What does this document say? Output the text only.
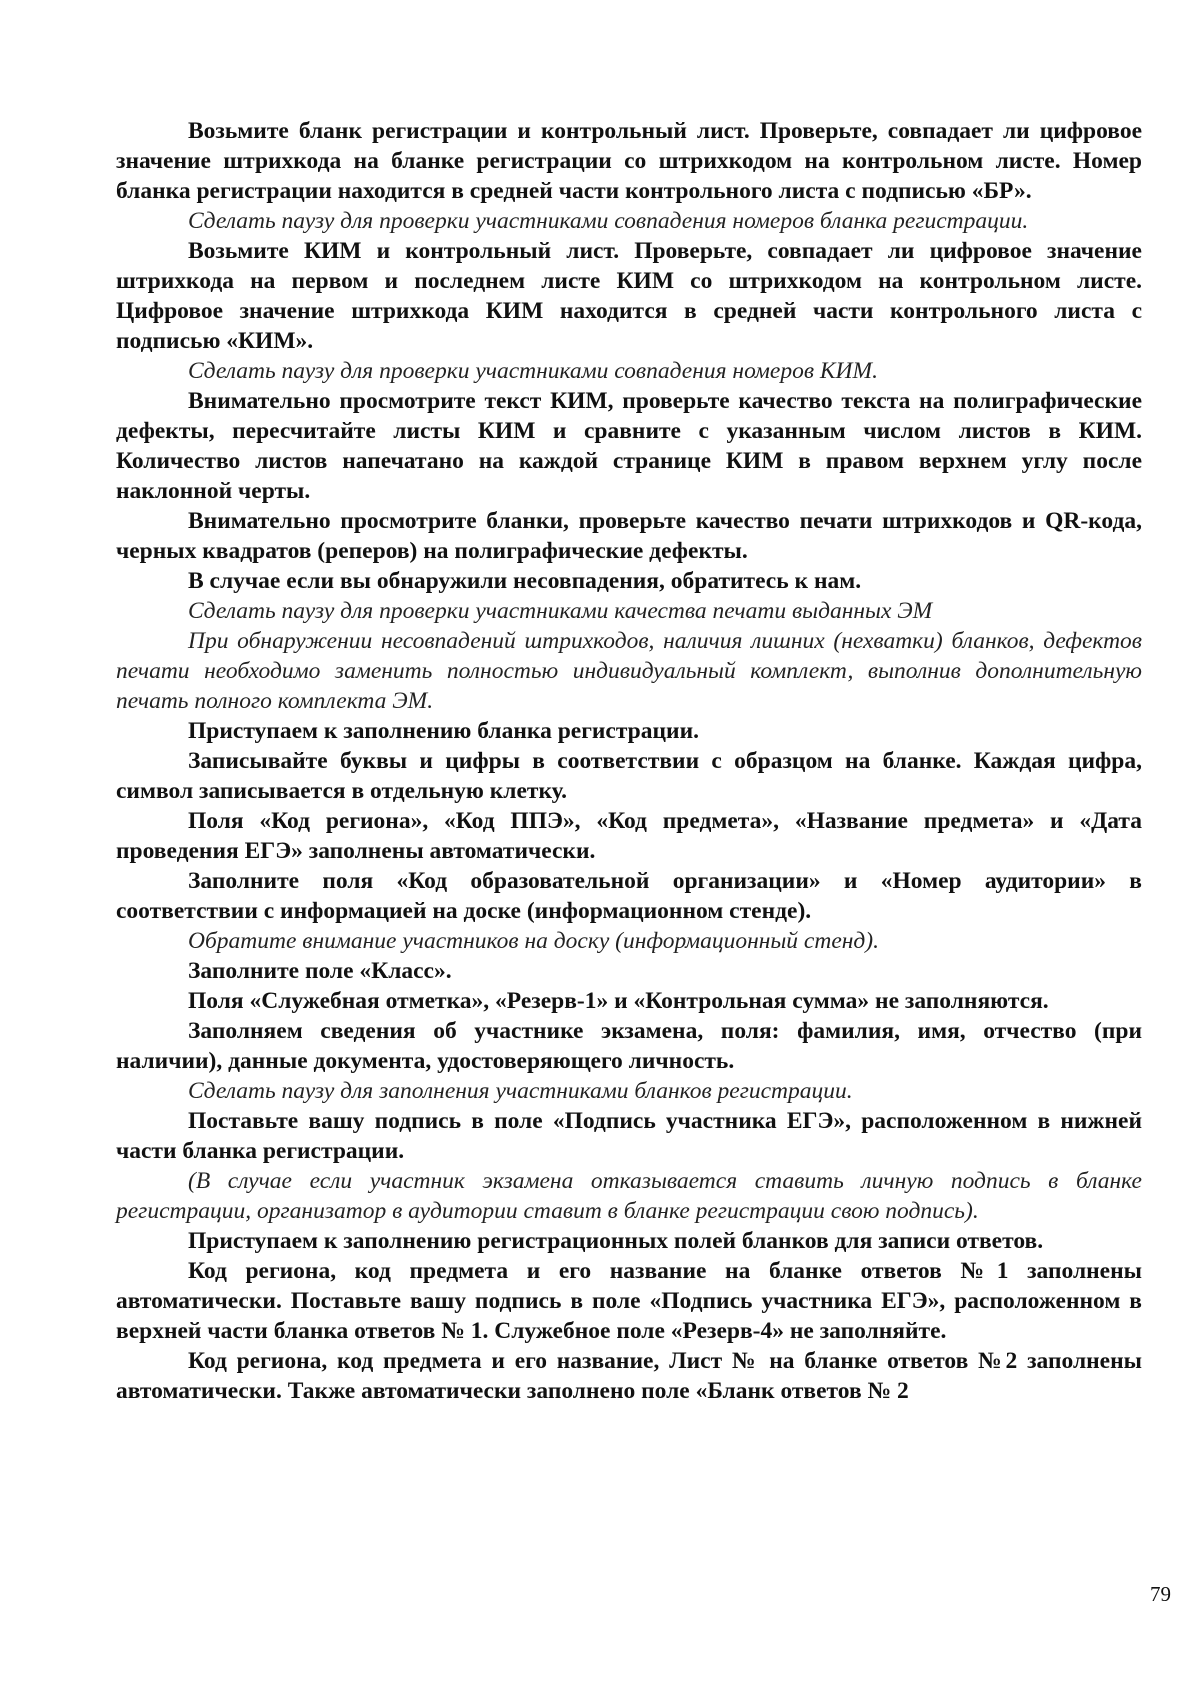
Возьмите бланк регистрации и контрольный лист. Проверьте, совпадает ли цифровое значение штрихкода на бланке регистрации со штрихкодом на контрольном листе. Номер бланка регистрации находится в средней части контрольного листа с подписью «БР».

Сделать паузу для проверки участниками совпадения номеров бланка регистрации.

Возьмите КИМ и контрольный лист. Проверьте, совпадает ли цифровое значение штрихкода на первом и последнем листе КИМ со штрихкодом на контрольном листе. Цифровое значение штрихкода КИМ находится в средней части контрольного листа с подписью «КИМ».

Сделать паузу для проверки участниками совпадения номеров КИМ.

Внимательно просмотрите текст КИМ, проверьте качество текста на полиграфические дефекты, пересчитайте листы КИМ и сравните с указанным числом листов в КИМ. Количество листов напечатано на каждой странице КИМ в правом верхнем углу после наклонной черты.

Внимательно просмотрите бланки, проверьте качество печати штрихкодов и QR-кода, черных квадратов (реперов) на полиграфические дефекты.

В случае если вы обнаружили несовпадения, обратитесь к нам.

Сделать паузу для проверки участниками качества печати выданных ЭМ

При обнаружении несовпадений штрихкодов, наличия лишних (нехватки) бланков, дефектов печати необходимо заменить полностью индивидуальный комплект, выполнив дополнительную печать полного комплекта ЭМ.

Приступаем к заполнению бланка регистрации.

Записывайте буквы и цифры в соответствии с образцом на бланке. Каждая цифра, символ записывается в отдельную клетку.

Поля «Код региона», «Код ППЭ», «Код предмета», «Название предмета» и «Дата проведения ЕГЭ» заполнены автоматически.

Заполните поля «Код образовательной организации» и «Номер аудитории» в соответствии с информацией на доске (информационном стенде).

Обратите внимание участников на доску (информационный стенд).

Заполните поле «Класс».

Поля «Служебная отметка», «Резерв-1» и «Контрольная сумма» не заполняются.

Заполняем сведения об участнике экзамена, поля: фамилия, имя, отчество (при наличии), данные документа, удостоверяющего личность.

Сделать паузу для заполнения участниками бланков регистрации.

Поставьте вашу подпись в поле «Подпись участника ЕГЭ», расположенном в нижней части бланка регистрации.

(В случае если участник экзамена отказывается ставить личную подпись в бланке регистрации, организатор в аудитории ставит в бланке регистрации свою подпись).

Приступаем к заполнению регистрационных полей бланков для записи ответов.

Код региона, код предмета и его название на бланке ответов №1 заполнены автоматически. Поставьте вашу подпись в поле «Подпись участника ЕГЭ», расположенном в верхней части бланка ответов № 1. Служебное поле «Резерв-4» не заполняйте.

Код региона, код предмета и его название, Лист № на бланке ответов №2 заполнены автоматически. Также автоматически заполнено поле «Бланк ответов № 2

79
